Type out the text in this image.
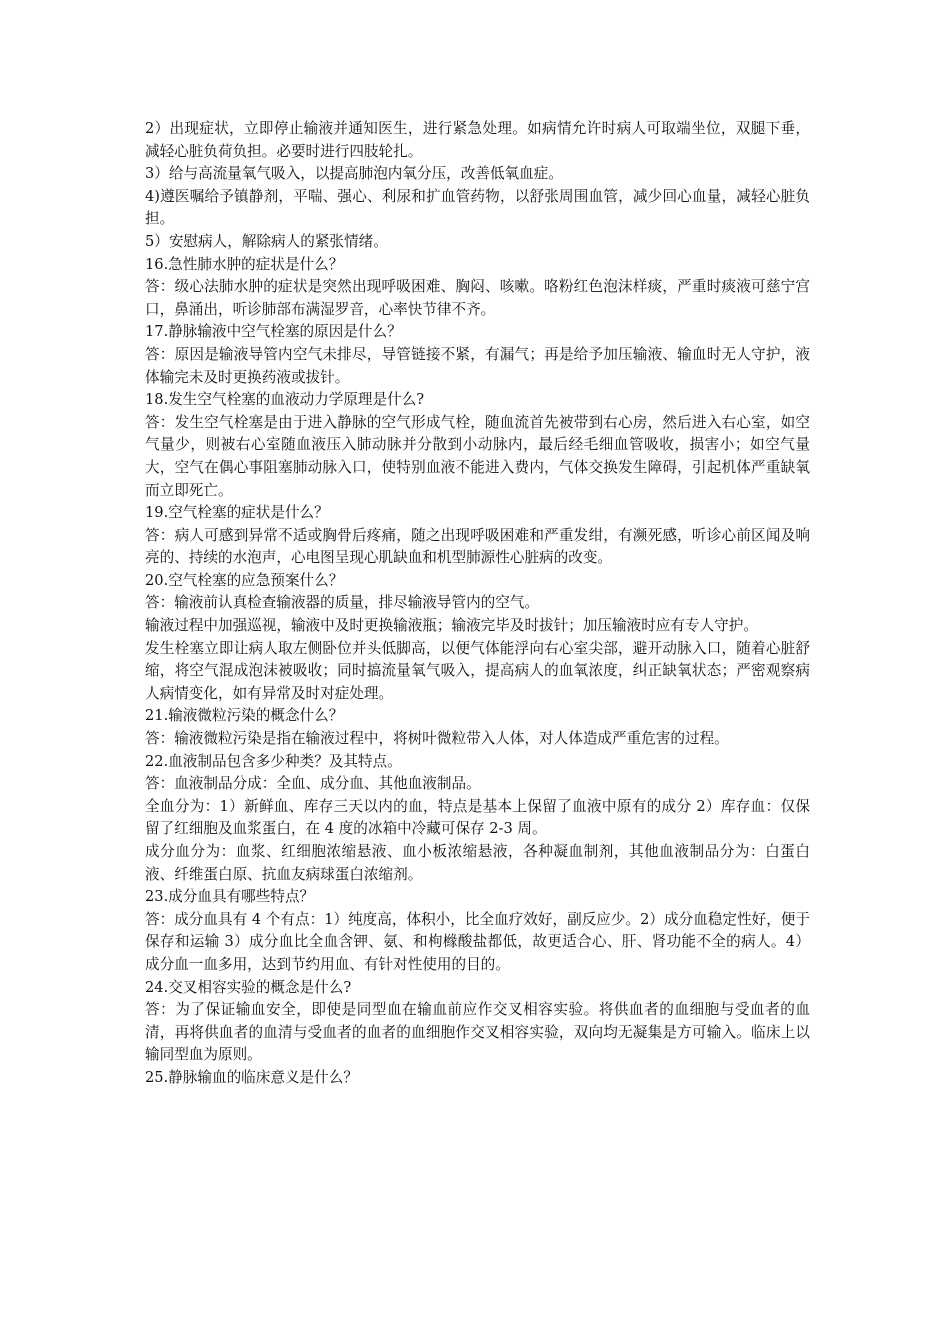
2）出现症状，立即停止输液并通知医生，进行紧急处理。如病情允许时病人可取端坐位，双腿下垂，减轻心脏负荷负担。必要时进行四肢轮扎。

3）给与高流量氧气吸入，以提高肺泡内氧分压，改善低氧血症。

4)遵医嘱给予镇静剂，平喘、强心、利尿和扩血管药物，以舒张周围血管，减少回心血量，减轻心脏负担。

5）安慰病人，解除病人的紧张情绪。

16.急性肺水肿的症状是什么？

答：级心法肺水肿的症状是突然出现呼吸困难、胸闷、咳嗽。咯粉红色泡沫样痰，严重时痰液可慈宁宫口，鼻涌出，听诊肺部布满湿罗音，心率快节律不齐。

17.静脉输液中空气栓塞的原因是什么？

答：原因是输液导管内空气未排尽，导管链接不紧，有漏气；再是给予加压输液、输血时无人守护，液体输完未及时更换药液或拔针。

18.发生空气栓塞的血液动力学原理是什么?

答：发生空气栓塞是由于进入静脉的空气形成气栓，随血流首先被带到右心房，然后进入右心室，如空气量少，则被右心室随血液压入肺动脉并分散到小动脉内，最后经毛细血管吸收，损害小；如空气量大，空气在偶心事阻塞肺动脉入口，使特别血液不能进入费内，气体交换发生障碍，引起机体严重缺氧而立即死亡。

19.空气栓塞的症状是什么？

答：病人可感到异常不适或胸骨后疼痛，随之出现呼吸困难和严重发绀，有濒死感，听诊心前区闻及响亮的、持续的水泡声，心电图呈现心肌缺血和机型肺源性心脏病的改变。

20.空气栓塞的应急预案什么？

答：输液前认真检查输液器的质量，排尽输液导管内的空气。

输液过程中加强巡视，输液中及时更换输液瓶；输液完毕及时拔针；加压输液时应有专人守护。

发生栓塞立即让病人取左侧卧位并头低脚高，以便气体能浮向右心室尖部，避开动脉入口，随着心脏舒缩，将空气混成泡沫被吸收；同时搞流量氧气吸入，提高病人的血氧浓度，纠正缺氧状态；严密观察病人病情变化，如有异常及时对症处理。

21.输液微粒污染的概念什么？

答：输液微粒污染是指在输液过程中，将树叶微粒带入人体，对人体造成严重危害的过程。

22.血液制品包含多少种类？及其特点。

答：血液制品分成：全血、成分血、其他血液制品。

全血分为：1）新鲜血、库存三天以内的血，特点是基本上保留了血液中原有的成分 2）库存血：仅保留了红细胞及血浆蛋白，在 4 度的冰箱中冷藏可保存 2-3 周。

成分血分为：血浆、红细胞浓缩悬液、血小板浓缩悬液，各种凝血制剂，其他血液制品分为：白蛋白液、纤维蛋白原、抗血友病球蛋白浓缩剂。

23.成分血具有哪些特点？

答：成分血具有 4 个有点：1）纯度高，体积小，比全血疗效好，副反应少。2）成分血稳定性好，便于保存和运输 3）成分血比全血含钾、氨、和枸橼酸盐都低，故更适合心、肝、肾功能不全的病人。4）成分血一血多用，达到节约用血、有针对性使用的目的。

24.交叉相容实验的概念是什么?

答：为了保证输血安全，即使是同型血在输血前应作交叉相容实验。将供血者的血细胞与受血者的血清，再将供血者的血清与受血者的血者的血细胞作交叉相容实验，双向均无凝集是方可输入。临床上以输同型血为原则。

25.静脉输血的临床意义是什么？
